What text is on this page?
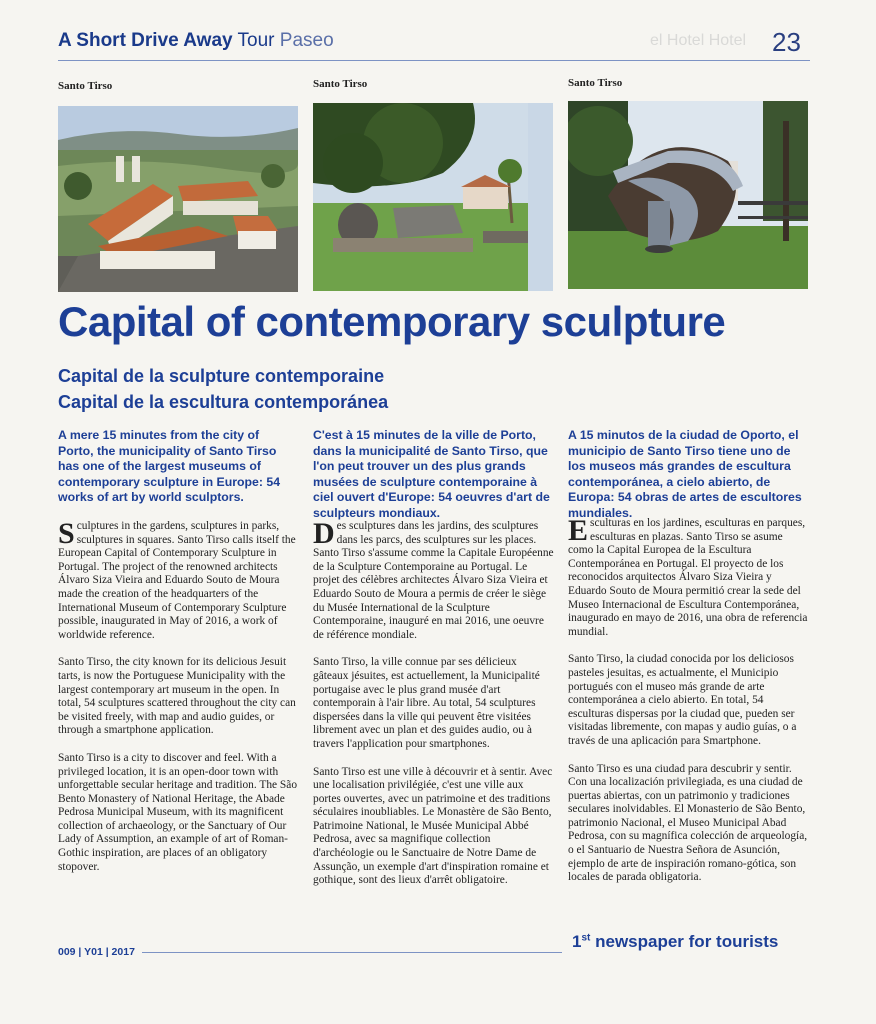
A Short Drive Away Tour Paseo	el Hotel Hotel 23
Santo Tirso	Santo Tirso	Santo Tirso
Capital of contemporary sculpture
Capital de la sculpture contemporaine
Capital de la escultura contemporánea
A mere 15 minutes from the city of Porto, the municipality of Santo Tirso has one of the largest museums of contemporary sculpture in Europe: 54 works of art by world sculptors.
C'est à 15 minutes de la ville de Porto, dans la municipalité de Santo Tirso, que l'on peut trouver un des plus grands musées de sculpture contemporaine à ciel ouvert d'Europe: 54 oeuvres d'art de sculpteurs mondiaux.
A 15 minutos de la ciudad de Oporto, el municipio de Santo Tirso tiene uno de los museos más grandes de escultura contemporánea, a cielo abierto, de Europa: 54 obras de artes de escultores mundiales.

Sculptures in the gardens, sculptures in parks, sculptures in squares. Santo Tirso calls itself the European Capital of Contemporary Sculpture in Portugal. The project of the renowned architects Álvaro Siza Vieira and Eduardo Souto de Moura made the creation of the headquarters of the International Museum of Contemporary Sculpture possible, inaugurated in May of 2016, a work of worldwide reference.

Santo Tirso, the city known for its delicious Jesuit tarts, is now the Portuguese Municipality with the largest contemporary art museum in the open. In total, 54 sculptures scattered throughout the city can be visited freely, with map and audio guides, or through a smartphone application.

Santo Tirso is a city to discover and feel. With a privileged location, it is an open-door town with unforgettable secular heritage and tradition. The São Bento Monastery of National Heritage, the Abade Pedrosa Municipal Museum, with its magnificent collection of archaeology, or the Sanctuary of Our Lady of Assumption, an example of art of Roman-Gothic inspiration, are places of an obligatory stopover.

Des sculptures dans les jardins, des sculptures dans les parcs, des sculptures sur les places. Santo Tirso s'assume comme la Capitale Européenne de la Sculpture Contemporaine au Portugal. Le projet des célèbres architectes Álvaro Siza Vieira et Eduardo Souto de Moura a permis de créer le siège du Musée International de la Sculpture Contemporaine, inauguré en mai 2016, une oeuvre de référence mondiale.

Santo Tirso, la ville connue par ses délicieux gâteaux jésuites, est actuellement, la Municipalité portugaise avec le plus grand musée d'art contemporain à l'air libre. Au total, 54 sculptures dispersées dans la ville qui peuvent être visitées librement avec un plan et des guides audio, ou à travers l'application pour smartphones.

Santo Tirso est une ville à découvrir et à sentir. Avec une localisation privilégiée, c'est une ville aux portes ouvertes, avec un patrimoine et des traditions séculaires inoubliables. Le Monastère de São Bento, Patrimoine National, le Musée Municipal Abbé Pedrosa, avec sa magnifique collection d'archéologie ou le Sanctuaire de Notre Dame de Assunção, un exemple d'art d'inspiration romaine et gothique, sont des lieux d'arrêt obligatoire.

Esculturas en los jardines, esculturas en parques, esculturas en plazas. Santo Tirso se asume como la Capital Europea de la Escultura Contemporánea en Portugal. El proyecto de los reconocidos arquitectos Álvaro Siza Vieira y Eduardo Souto de Moura permitió crear la sede del Museo Internacional de Escultura Contemporánea, inaugurado en mayo de 2016, una obra de referencia mundial.

Santo Tirso, la ciudad conocida por los deliciosos pasteles jesuitas, es actualmente, el Municipio portugués con el museo más grande de arte contemporánea a cielo abierto. En total, 54 esculturas dispersas por la ciudad que, pueden ser visitadas libremente, con mapas y audio guías, o a través de una aplicación para Smartphone.

Santo Tirso es una ciudad para descubrir y sentir. Con una localización privilegiada, es una ciudad de puertas abiertas, con un patrimonio y tradiciones seculares inolvidables. El Monasterio de São Bento, patrimonio Nacional, el Museo Municipal Abad Pedrosa, con su magnífica colección de arqueología, o el Santuario de Nuestra Señora de Asunción, ejemplo de arte de inspiración romano-gótica, son locales de parada obligatoria.

009 | Y01 | 2017
1st newspaper for tourists
